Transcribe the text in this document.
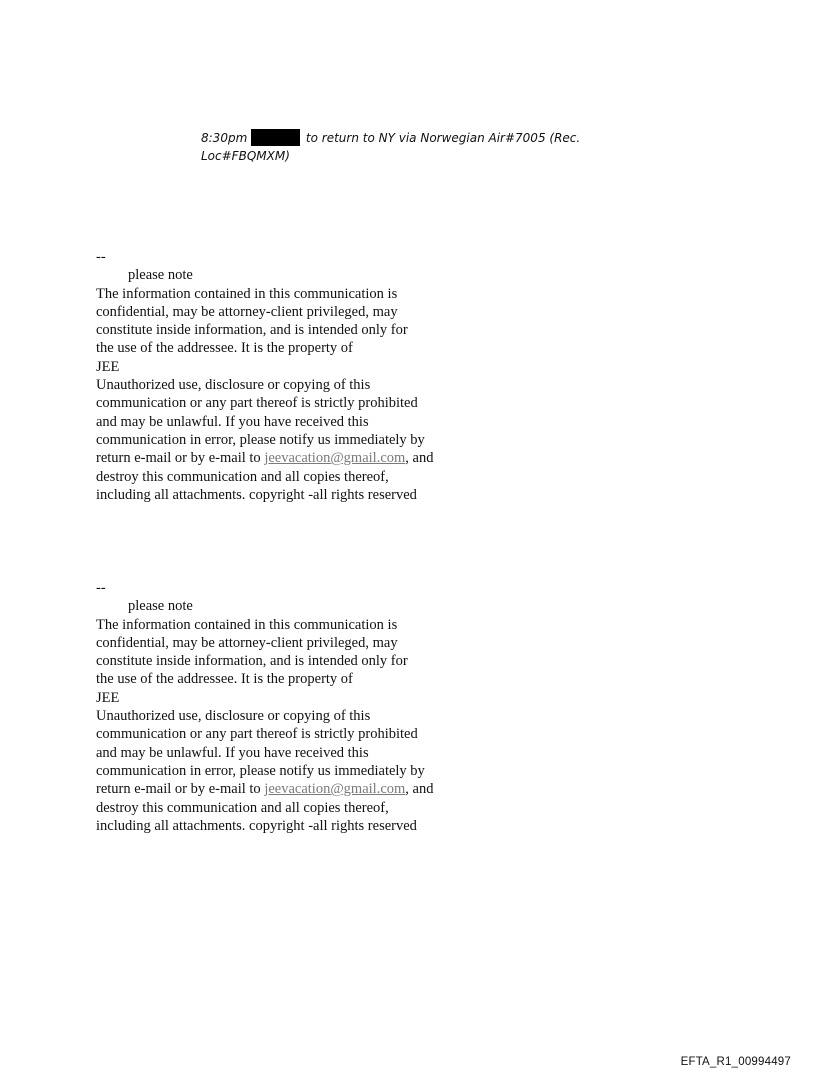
8:30pm	to return to NY via Norwegian Air#7005 (Rec.
Loc#FBQMXM)

--

please note

The information contained in this communication is

confidential, may be attorney-client privileged, may

constitute inside information, and is intended only for

the use of the addressee. It is the property of

JEE

Unauthorized use, disclosure or copying of this

communication or any part thereof is strictly prohibited

and may be unlawful. If you have received this

communication in error, please notify us immediately by

return e-mail or by e-mail to jeevacation@gmail.com, and

destroy this communication and all copies thereof,

including all attachments. copyright -all rights reserved

--

please note

The information contained in this communication is

confidential, may be attorney-client privileged, may

constitute inside information, and is intended only for

the use of the addressee. It is the property of

JEE

Unauthorized use, disclosure or copying of this

communication or any part thereof is strictly prohibited

and may be unlawful. If you have received this

communication in error, please notify us immediately by

return e-mail or by e-mail to jeevacation@gmail.com, and

destroy this communication and all copies thereof,

including all attachments. copyright -all rights reserved

EFTA_R1_00994497
